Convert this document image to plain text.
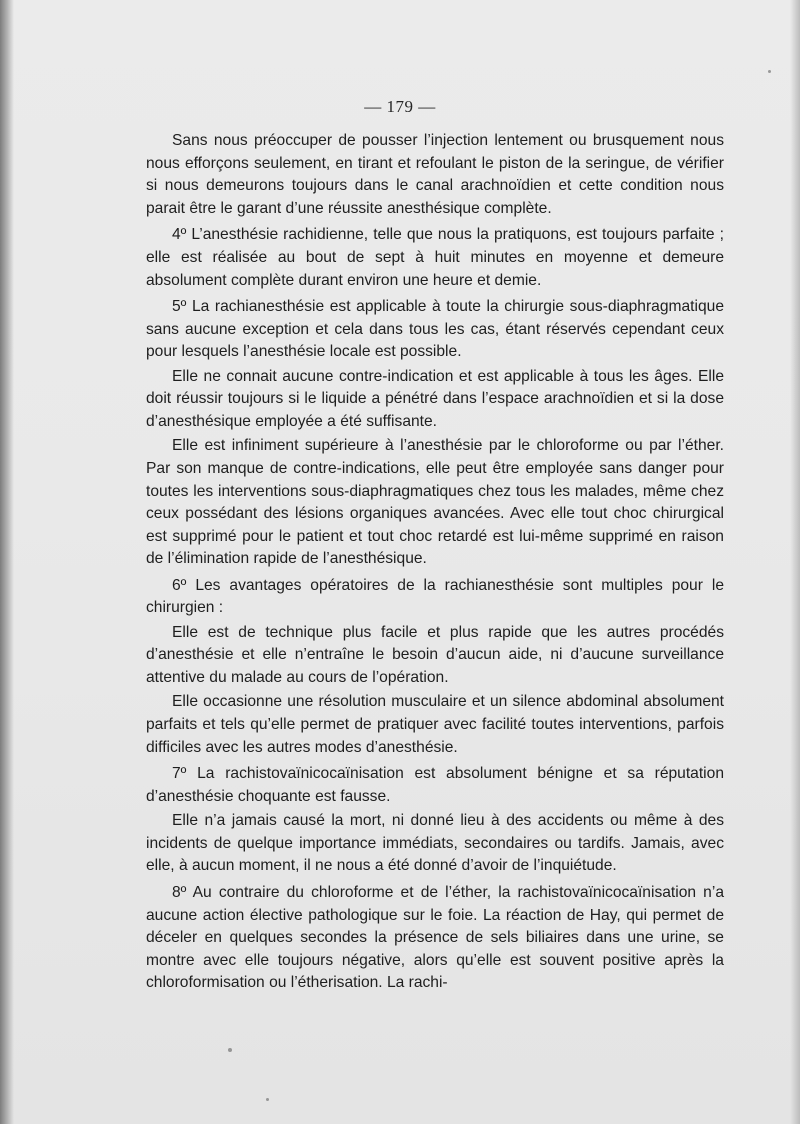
— 179 —

Sans nous préoccuper de pousser l’injection lentement ou brusquement nous nous efforçons seulement, en tirant et refoulant le piston de la seringue, de vérifier si nous demeurons toujours dans le canal arachnoïdien et cette condition nous parait être le garant d’une réussite anesthésique complète.

4º L’anesthésie rachidienne, telle que nous la pratiquons, est toujours parfaite ; elle est réalisée au bout de sept à huit minutes en moyenne et demeure absolument complète durant environ une heure et demie.

5º La rachianesthésie est applicable à toute la chirurgie sous-diaphragmatique sans aucune exception et cela dans tous les cas, étant réservés cependant ceux pour lesquels l’anesthésie locale est possible.

Elle ne connait aucune contre-indication et est applicable à tous les âges. Elle doit réussir toujours si le liquide a pénétré dans l’espace arachnoïdien et si la dose d’anesthésique employée a été suffisante.

Elle est infiniment supérieure à l’anesthésie par le chloroforme ou par l’éther. Par son manque de contre-indications, elle peut être employée sans danger pour toutes les interventions sous-diaphragmatiques chez tous les malades, même chez ceux possédant des lésions organiques avancées. Avec elle tout choc chirurgical est supprimé pour le patient et tout choc retardé est lui-même supprimé en raison de l’élimination rapide de l’anesthésique.

6º Les avantages opératoires de la rachianesthésie sont multiples pour le chirurgien :

Elle est de technique plus facile et plus rapide que les autres procédés d’anesthésie et elle n’entraîne le besoin d’aucun aide, ni d’aucune surveillance attentive du malade au cours de l’opération.

Elle occasionne une résolution musculaire et un silence abdominal absolument parfaits et tels qu’elle permet de pratiquer avec facilité toutes interventions, parfois difficiles avec les autres modes d’anesthésie.

7º La rachistovaïnicocaïnisation est absolument bénigne et sa réputation d’anesthésie choquante est fausse.

Elle n’a jamais causé la mort, ni donné lieu à des accidents ou même à des incidents de quelque importance immédiats, secondaires ou tardifs. Jamais, avec elle, à aucun moment, il ne nous a été donné d’avoir de l’inquiétude.

8º Au contraire du chloroforme et de l’éther, la rachistovaïnicocaïnisation n’a aucune action élective pathologique sur le foie. La réaction de Hay, qui permet de déceler en quelques secondes la présence de sels biliaires dans une urine, se montre avec elle toujours négative, alors qu’elle est souvent positive après la chloroformisation ou l’étherisation. La rachi-
